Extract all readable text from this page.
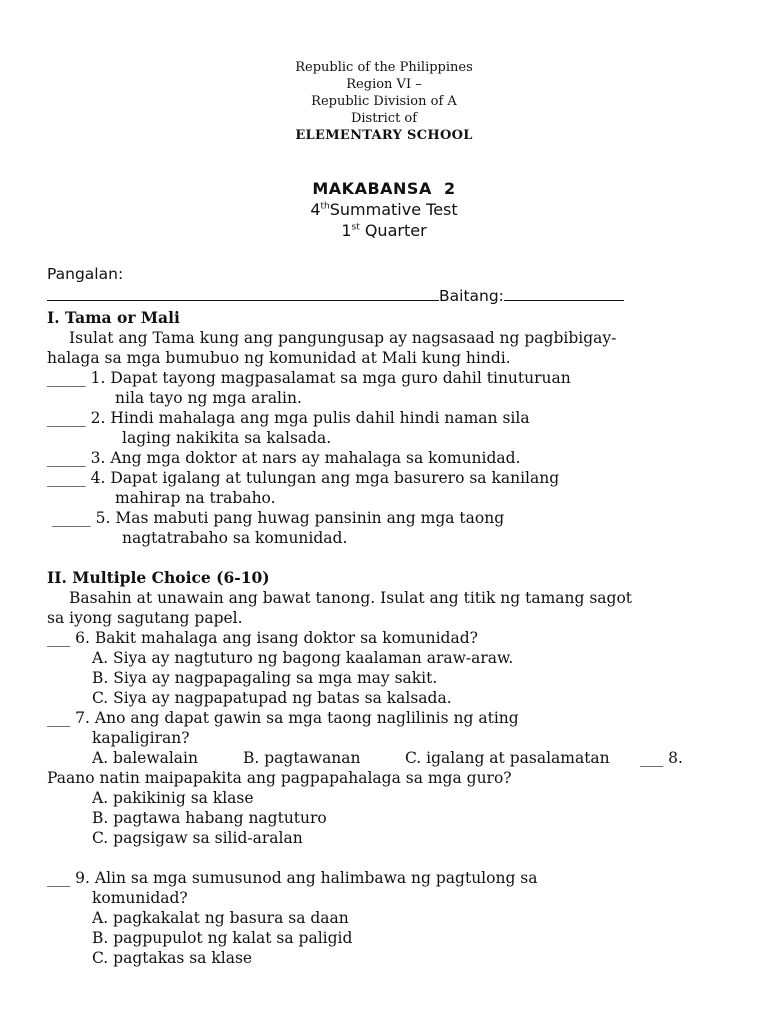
Republic of the Philippines
Region VI –
Republic Division of A
District of
ELEMENTARY SCHOOL
MAKABANSA  2
4thSummative Test
1st Quarter
Pangalan:
Baitang:
I. Tama or Mali
Isulat ang Tama kung ang pangungusap ay nagsasaad ng pagbibigay-
halaga sa mga bumubuo ng komunidad at Mali kung hindi.
_____ 1. Dapat tayong magpasalamat sa mga guro dahil tinuturuan
nila tayo ng mga aralin.
_____ 2. Hindi mahalaga ang mga pulis dahil hindi naman sila
laging nakikita sa kalsada.
_____ 3. Ang mga doktor at nars ay mahalaga sa komunidad.
_____ 4. Dapat igalang at tulungan ang mga basurero sa kanilang
mahirap na trabaho.
_____ 5. Mas mabuti pang huwag pansinin ang mga taong
nagtatrabaho sa komunidad.
II. Multiple Choice (6-10)
Basahin at unawain ang bawat tanong. Isulat ang titik ng tamang sagot
sa iyong sagutang papel.
___ 6. Bakit mahalaga ang isang doktor sa komunidad?
A. Siya ay nagtuturo ng bagong kaalaman araw-araw.
B. Siya ay nagpapagaling sa mga may sakit.
C. Siya ay nagpapatupad ng batas sa kalsada.
___ 7. Ano ang dapat gawin sa mga taong naglilinis ng ating
kapaligiran?
A. balewalain	B. pagtawanan	C. igalang at pasalamatan ___ 8.
Paano natin maipapakita ang pagpapahalaga sa mga guro?
A. pakikinig sa klase
B. pagtawa habang nagtuturo
C. pagsigaw sa silid-aralan
___ 9. Alin sa mga sumusunod ang halimbawa ng pagtulong sa
komunidad?
A. pagkakalat ng basura sa daan
B. pagpupulot ng kalat sa paligid
C. pagtakas sa klase
